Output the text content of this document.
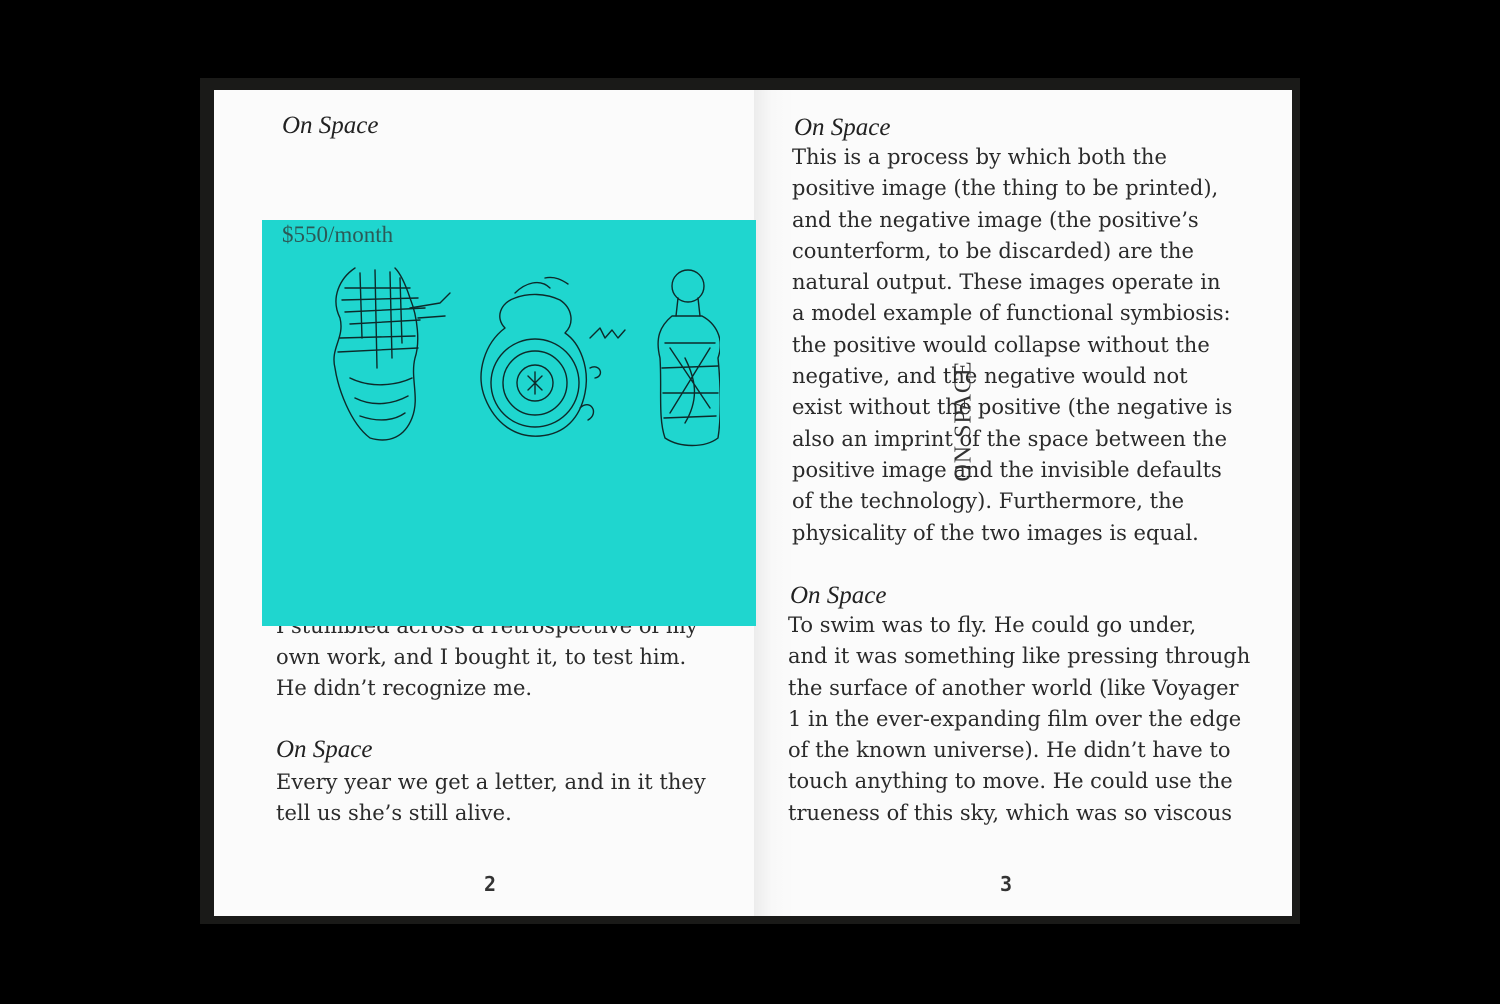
On Space
own work, and I bought it, to test him.
He didn’t recognize me.
On Space
Every year we get a letter, and in it they
tell us she’s still alive.
2
On Space
This is a process by which both the
positive image (the thing to be printed),
and the negative image (the positive’s
counterform, to be discarded) are the
natural output. These images operate in
a model example of functional symbiosis:
the positive would collapse without the
negative, and the negative would not
exist without the positive (the negative is
also an imprint of the space between the
positive image and the invisible defaults
of the technology). Furthermore, the
physicality of the two images is equal.
On Space
To swim was to fly. He could go under,
and it was something like pressing through
the surface of another world (like Voyager
1 in the ever-expanding film over the edge
of the known universe). He didn’t have to
touch anything to move. He could use the
trueness of this sky, which was so viscous
3
$550/month
ON SPACE
